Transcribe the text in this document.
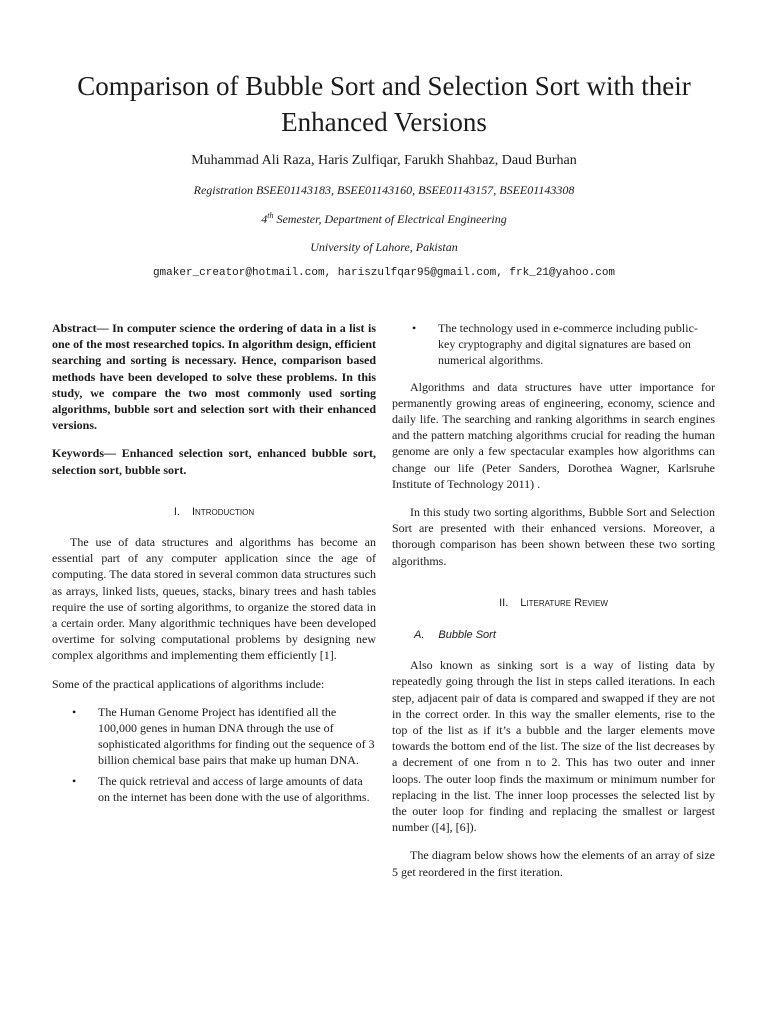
Comparison of Bubble Sort and Selection Sort with their Enhanced Versions
Muhammad Ali Raza, Haris Zulfiqar, Farukh Shahbaz, Daud Burhan
Registration BSEE01143183, BSEE01143160, BSEE01143157, BSEE01143308
4th Semester, Department of Electrical Engineering
University of Lahore, Pakistan
gmaker_creator@hotmail.com, hariszulfqar95@gmail.com, frk_21@yahoo.com

Abstract— In computer science the ordering of data in a list is one of the most researched topics. In algorithm design, efficient searching and sorting is necessary. Hence, comparison based methods have been developed to solve these problems. In this study, we compare the two most commonly used sorting algorithms, bubble sort and selection sort with their enhanced versions.

Keywords— Enhanced selection sort, enhanced bubble sort, selection sort, bubble sort.

I. Introduction

The use of data structures and algorithms has become an essential part of any computer application since the age of computing. The data stored in several common data structures such as arrays, linked lists, queues, stacks, binary trees and hash tables require the use of sorting algorithms, to organize the stored data in a certain order. Many algorithmic techniques have been developed overtime for solving computational problems by designing new complex algorithms and implementing them efficiently [1].

Some of the practical applications of algorithms include:

• The Human Genome Project has identified all the 100,000 genes in human DNA through the use of sophisticated algorithms for finding out the sequence of 3 billion chemical base pairs that make up human DNA.
• The quick retrieval and access of large amounts of data on the internet has been done with the use of algorithms.
• The technology used in e-commerce including public-key cryptography and digital signatures are based on numerical algorithms.

Algorithms and data structures have utter importance for permanently growing areas of engineering, economy, science and daily life. The searching and ranking algorithms in search engines and the pattern matching algorithms crucial for reading the human genome are only a few spectacular examples how algorithms can change our life (Peter Sanders, Dorothea Wagner, Karlsruhe Institute of Technology 2011) .

In this study two sorting algorithms, Bubble Sort and Selection Sort are presented with their enhanced versions. Moreover, a thorough comparison has been shown between these two sorting algorithms.

II. Literature Review
A. Bubble Sort

Also known as sinking sort is a way of listing data by repeatedly going through the list in steps called iterations. In each step, adjacent pair of data is compared and swapped if they are not in the correct order. In this way the smaller elements, rise to the top of the list as if it’s a bubble and the larger elements move towards the bottom end of the list. The size of the list decreases by a decrement of one from n to 2. This has two outer and inner loops. The outer loop finds the maximum or minimum number for replacing in the list. The inner loop processes the selected list by the outer loop for finding and replacing the smallest or largest number ([4], [6]).

The diagram below shows how the elements of an array of size 5 get reordered in the first iteration.
